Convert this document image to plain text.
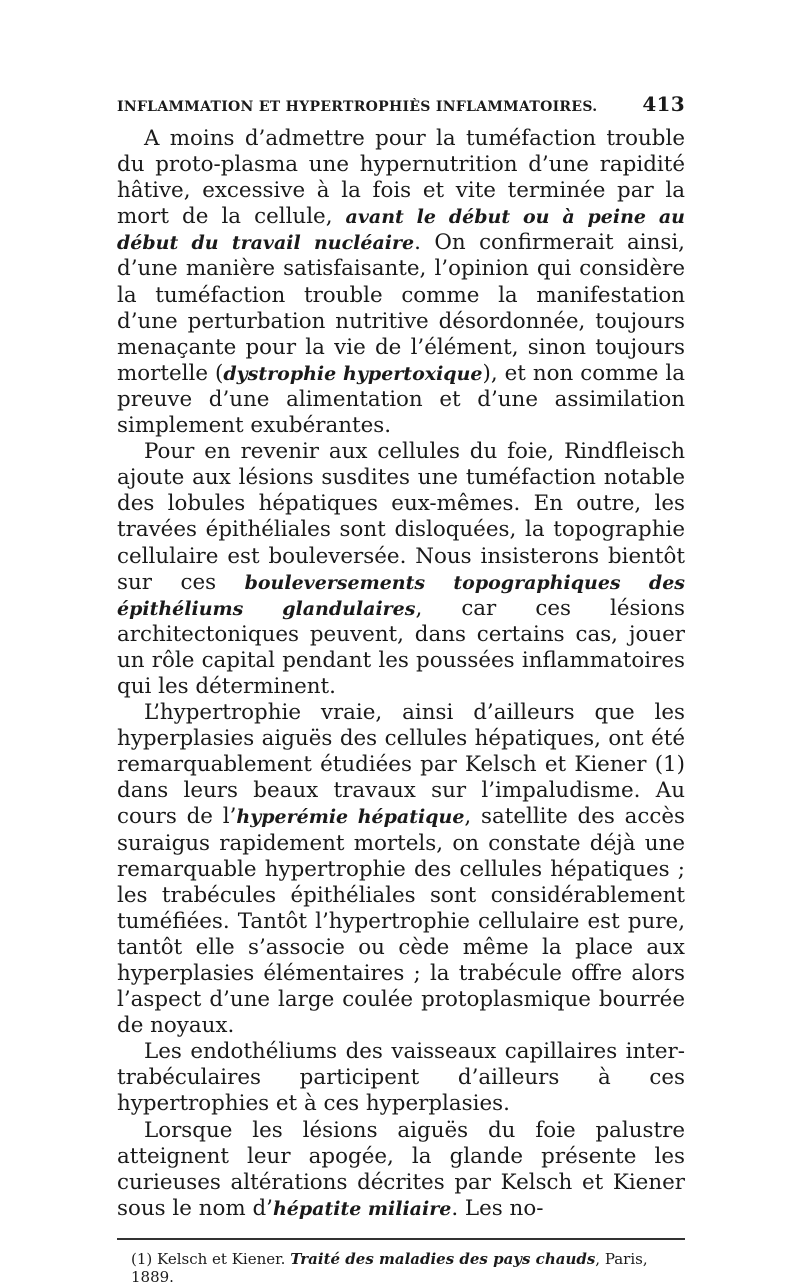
INFLAMMATION ET HYPERTROPHIÈS INFLAMMATOIRES. 413

A moins d’admettre pour la tuméfaction trouble du proto-plasma une hypernutrition d’une rapidité hâtive, excessive à la fois et vite terminée par la mort de la cellule, avant le début ou à peine au début du travail nucléaire. On confirmerait ainsi, d’une manière satisfaisante, l’opinion qui considère la tuméfaction trouble comme la manifestation d’une perturbation nutritive désordonnée, toujours menaçante pour la vie de l’élément, sinon toujours mortelle (dystrophie hypertoxique), et non comme la preuve d’une alimentation et d’une assimilation simplement exubérantes.

Pour en revenir aux cellules du foie, Rindfleisch ajoute aux lésions susdites une tuméfaction notable des lobules hépatiques eux-mêmes. En outre, les travées épithéliales sont disloquées, la topographie cellulaire est bouleversée. Nous insisterons bientôt sur ces bouleversements topographiques des épithéliums glandulaires, car ces lésions architectoniques peuvent, dans certains cas, jouer un rôle capital pendant les poussées inflammatoires qui les déterminent.

L’hypertrophie vraie, ainsi d’ailleurs que les hyperplasies aiguës des cellules hépatiques, ont été remarquablement étudiées par Kelsch et Kiener (1) dans leurs beaux travaux sur l’impaludisme. Au cours de l’hyperémie hépatique, satellite des accès suraigus rapidement mortels, on constate déjà une remarquable hypertrophie des cellules hépatiques ; les trabécules épithéliales sont considérablement tuméfiées. Tantôt l’hypertrophie cellulaire est pure, tantôt elle s’associe ou cède même la place aux hyperplasies élémentaires ; la trabécule offre alors l’aspect d’une large coulée protoplasmique bourrée de noyaux.

Les endothéliums des vaisseaux capillaires inter-trabéculaires participent d’ailleurs à ces hypertrophies et à ces hyperplasies.

Lorsque les lésions aiguës du foie palustre atteignent leur apogée, la glande présente les curieuses altérations décrites par Kelsch et Kiener sous le nom d’hépatite miliaire. Les no-

(1) Kelsch et Kiener. Traité des maladies des pays chauds, Paris, 1889.
